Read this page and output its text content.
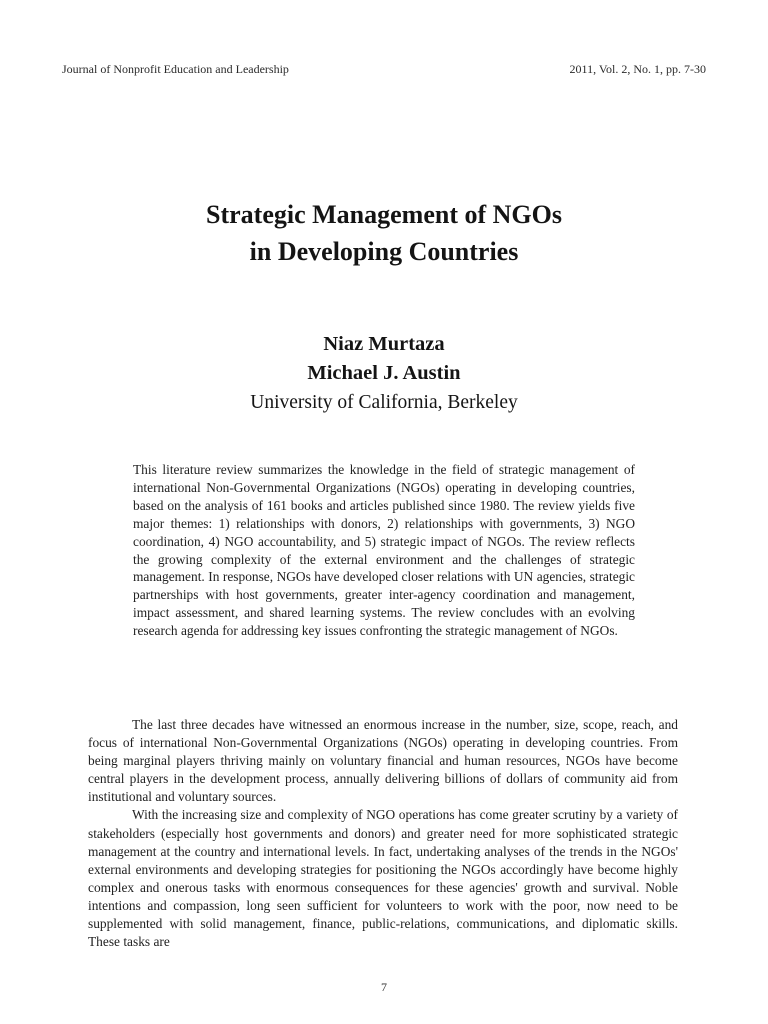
Journal of Nonprofit Education and Leadership	2011, Vol. 2, No. 1, pp. 7-30
Strategic Management of NGOs
in Developing Countries
Niaz Murtaza
Michael J. Austin
University of California, Berkeley
This literature review summarizes the knowledge in the field of strategic management of international Non-Governmental Organizations (NGOs) operating in developing countries, based on the analysis of 161 books and articles published since 1980. The review yields five major themes: 1) relationships with donors, 2) relationships with governments, 3) NGO coordination, 4) NGO accountability, and 5) strategic impact of NGOs. The review reflects the growing complexity of the external environment and the challenges of strategic management. In response, NGOs have developed closer relations with UN agencies, strategic partnerships with host governments, greater inter-agency coordination and management, impact assessment, and shared learning systems. The review concludes with an evolving research agenda for addressing key issues confronting the strategic management of NGOs.

The last three decades have witnessed an enormous increase in the number, size, scope, reach, and focus of international Non-Governmental Organizations (NGOs) operating in developing countries. From being marginal players thriving mainly on voluntary financial and human resources, NGOs have become central players in the development process, annually delivering billions of dollars of community aid from institutional and voluntary sources.

With the increasing size and complexity of NGO operations has come greater scrutiny by a variety of stakeholders (especially host governments and donors) and greater need for more sophisticated strategic management at the country and international levels. In fact, undertaking analyses of the trends in the NGOs' external environments and developing strategies for positioning the NGOs accordingly have become highly complex and onerous tasks with enormous consequences for these agencies' growth and survival. Noble intentions and compassion, long seen sufficient for volunteers to work with the poor, now need to be supplemented with solid management, finance, public-relations, communications, and diplomatic skills. These tasks are

7
